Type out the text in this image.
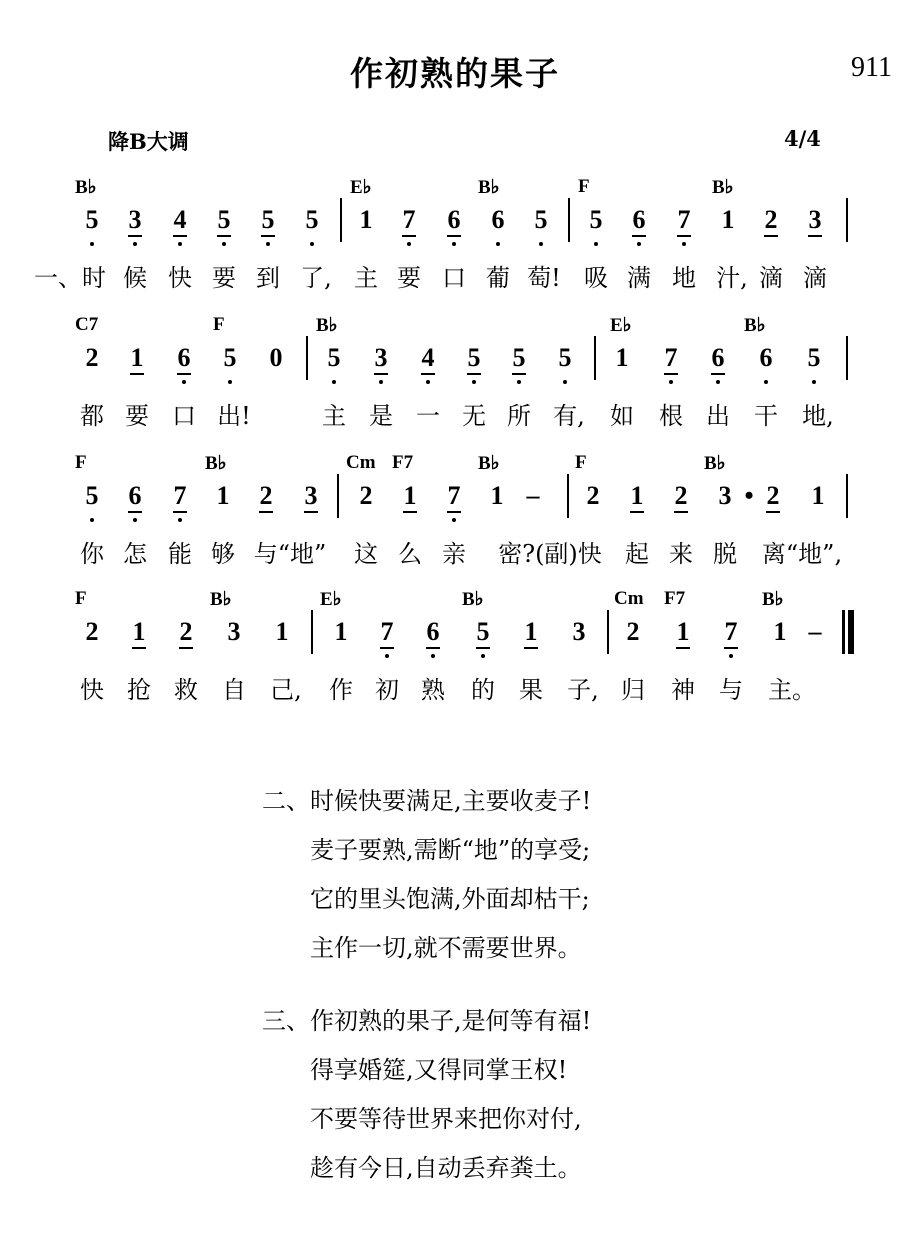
作初熟的果子	911
降B大调	4/4
B♭	E♭	B♭	F	B♭
5	3	4	5	5	5	1	7	6	6	5	5	6	7	1	2	3
一、时 候 快 要 到 了, 主 要 口 葡 萄! 吸 满 地 汁, 滴 滴
C7	F	B♭	E♭	B♭
2	1	6	5	0	5	3	4	5	5	5	1	7	6	6	5
都 要 口 出!	主 是 一 无 所 有, 如 根 出 干 地,
F	B♭	Cm F7	B♭	F	B♭
5	6	7	1	2	3	2	1	7	1 –	2	1	2	3 • 2	1
你 怎 能 够 与“地” 这 么 亲	密?(副)快 起 来 脱	离“地”,
F	B♭	E♭	B♭	Cm F7	B♭
2	1	2	3	1	1	7	6	5	1	3	2	1	7	1 –
快 抢 救 自 己, 作 初 熟 的 果 子, 归 神 与 主。
二、时候快要满足,主要收麦子!
麦子要熟,需断“地”的享受;
它的里头饱满,外面却枯干;
主作一切,就不需要世界。
三、作初熟的果子,是何等有福!
得享婚筵,又得同掌王权!
不要等待世界来把你对付,
趁有今日,自动丢弃粪土。
